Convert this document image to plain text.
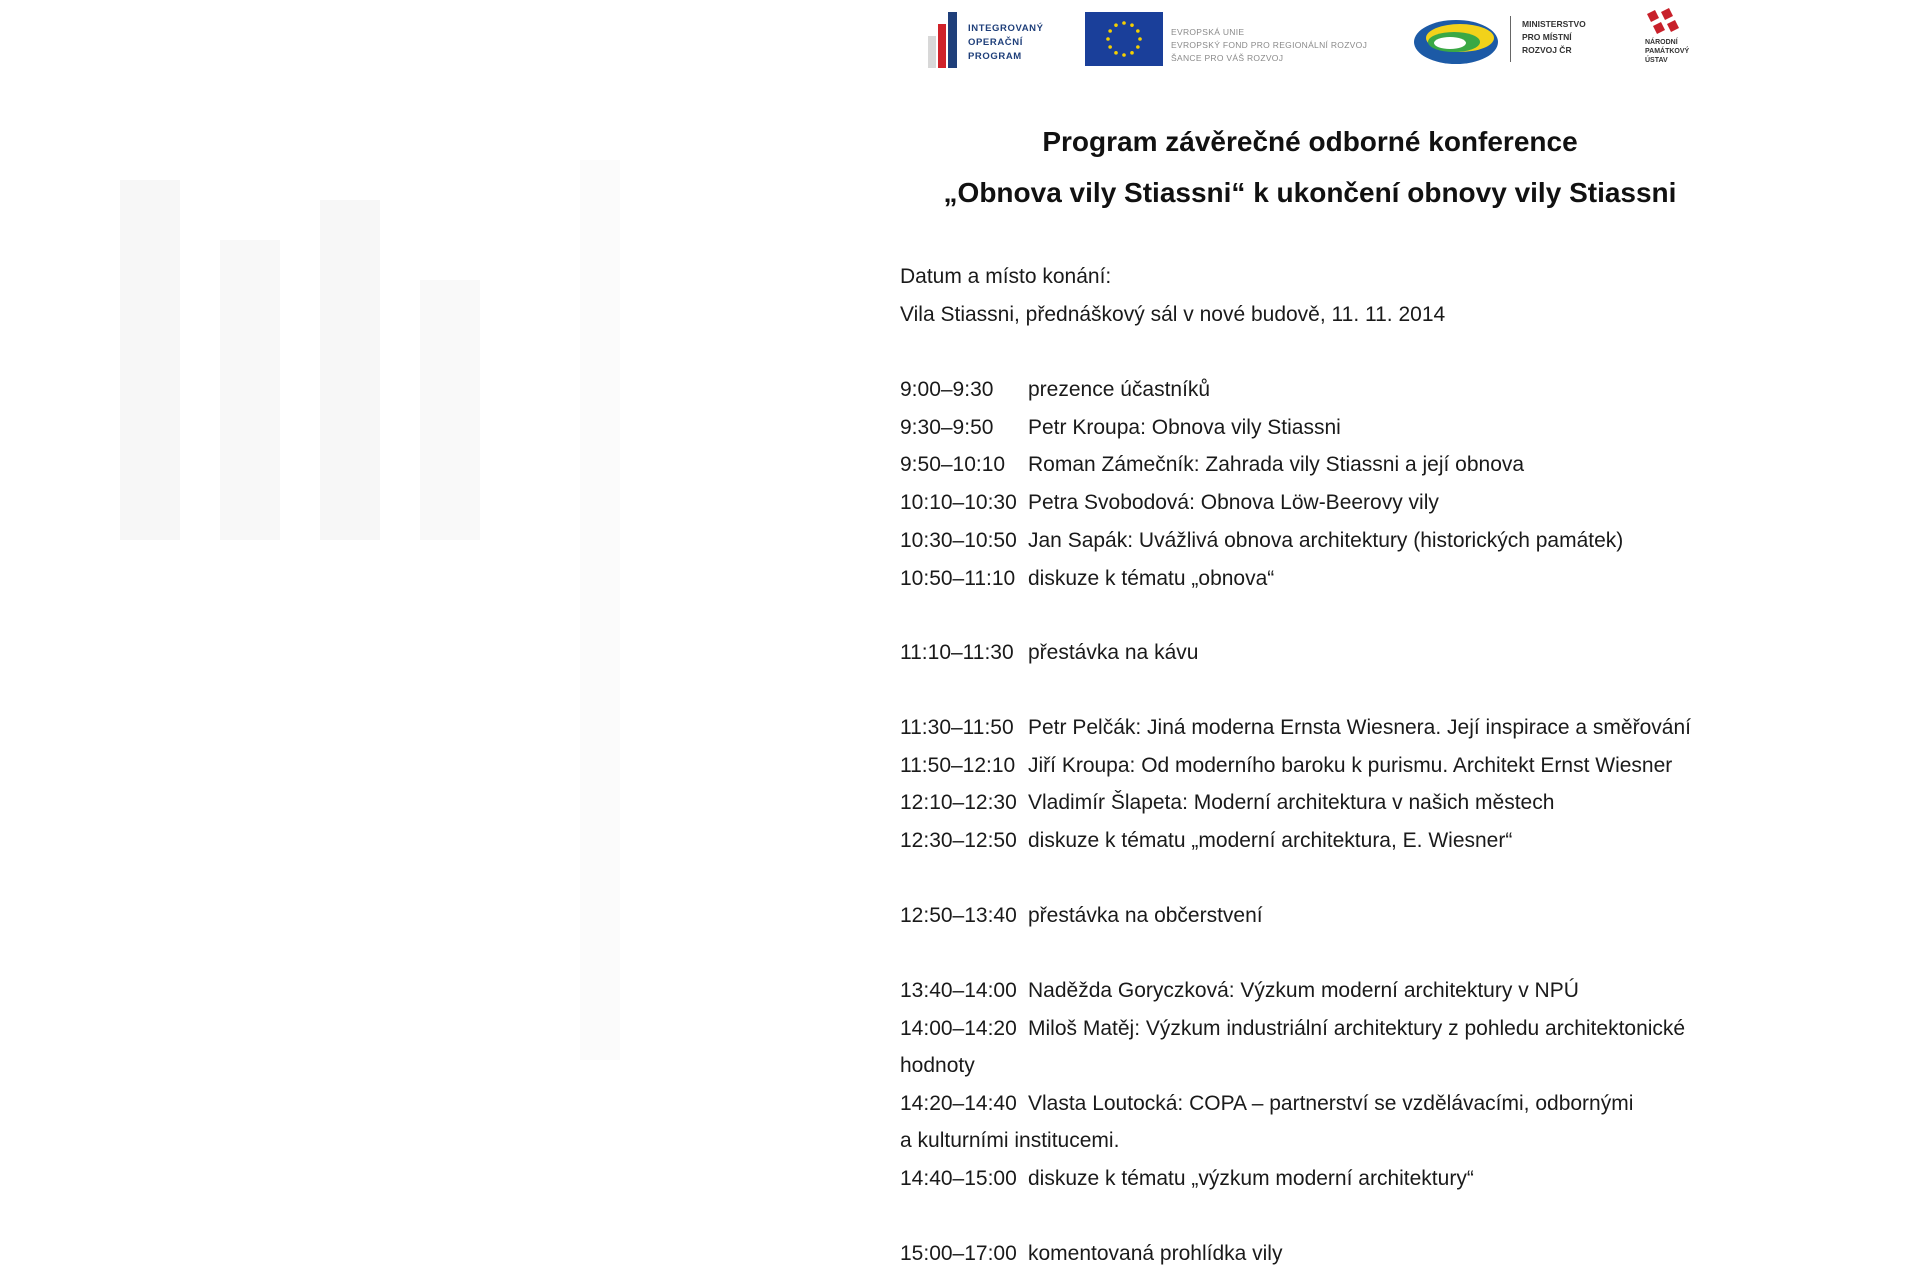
INTEGROVANÝ
OPERAČNÍ
PROGRAM
EVROPSKÁ UNIE
EVROPSKÝ FOND PRO REGIONÁLNÍ ROZVOJ
ŠANCE PRO VÁŠ ROZVOJ
MINISTERSTVO
PRO MÍSTNÍ
ROZVOJ ČR
NÁRODNÍ
PAMÁTKOVÝ
ÚSTAV
Program závěrečné odborné konference
„Obnova vily Stiassni“ k ukončení obnovy vily Stiassni
Datum a místo konání:
Vila Stiassni, přednáškový sál v nové budově, 11. 11. 2014
9:00–9:30 prezence účastníků
9:30–9:50 Petr Kroupa: Obnova vily Stiassni
9:50–10:10 Roman Zámečník: Zahrada vily Stiassni a její obnova
10:10–10:30 Petra Svobodová: Obnova Löw-Beerovy vily
10:30–10:50 Jan Sapák: Uvážlivá obnova architektury (historických památek)
10:50–11:10 diskuze k tématu „obnova“
11:10–11:30 přestávka na kávu
11:30–11:50 Petr Pelčák: Jiná moderna Ernsta Wiesnera. Její inspirace a směřování
11:50–12:10 Jiří Kroupa: Od moderního baroku k purismu. Architekt Ernst Wiesner
12:10–12:30 Vladimír Šlapeta: Moderní architektura v našich městech
12:30–12:50 diskuze k tématu „moderní architektura, E. Wiesner“
12:50–13:40 přestávka na občerstvení
13:40–14:00 Naděžda Goryczková: Výzkum moderní architektury v NPÚ
14:00–14:20 Miloš Matěj: Výzkum industriální architektury z pohledu architektonické
hodnoty
14:20–14:40 Vlasta Loutocká: COPA – partnerství se vzdělávacími, odbornými
a kulturními institucemi.
14:40–15:00 diskuze k tématu „výzkum moderní architektury“
15:00–17:00 komentovaná prohlídka vily
